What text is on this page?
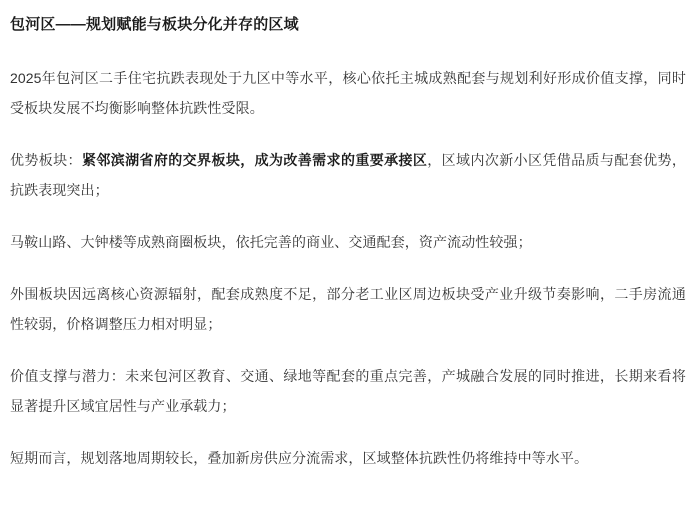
包河区——规划赋能与板块分化并存的区域
2025年包河区二手住宅抗跌表现处于九区中等水平，核心依托主城成熟配套与规划利好形成价值支撑，同时受板块发展不均衡影响整体抗跌性受限。
优势板块：紧邻滨湖省府的交界板块，成为改善需求的重要承接区，区域内次新小区凭借品质与配套优势，抗跌表现突出；
马鞍山路、大钟楼等成熟商圈板块，依托完善的商业、交通配套，资产流动性较强；
外围板块因远离核心资源辐射，配套成熟度不足，部分老工业区周边板块受产业升级节奏影响，二手房流通性较弱，价格调整压力相对明显；
价值支撑与潜力：未来包河区教育、交通、绿地等配套的重点完善，产城融合发展的同时推进，长期来看将显著提升区域宜居性与产业承载力；
短期而言，规划落地周期较长，叠加新房供应分流需求，区域整体抗跌性仍将维持中等水平。
